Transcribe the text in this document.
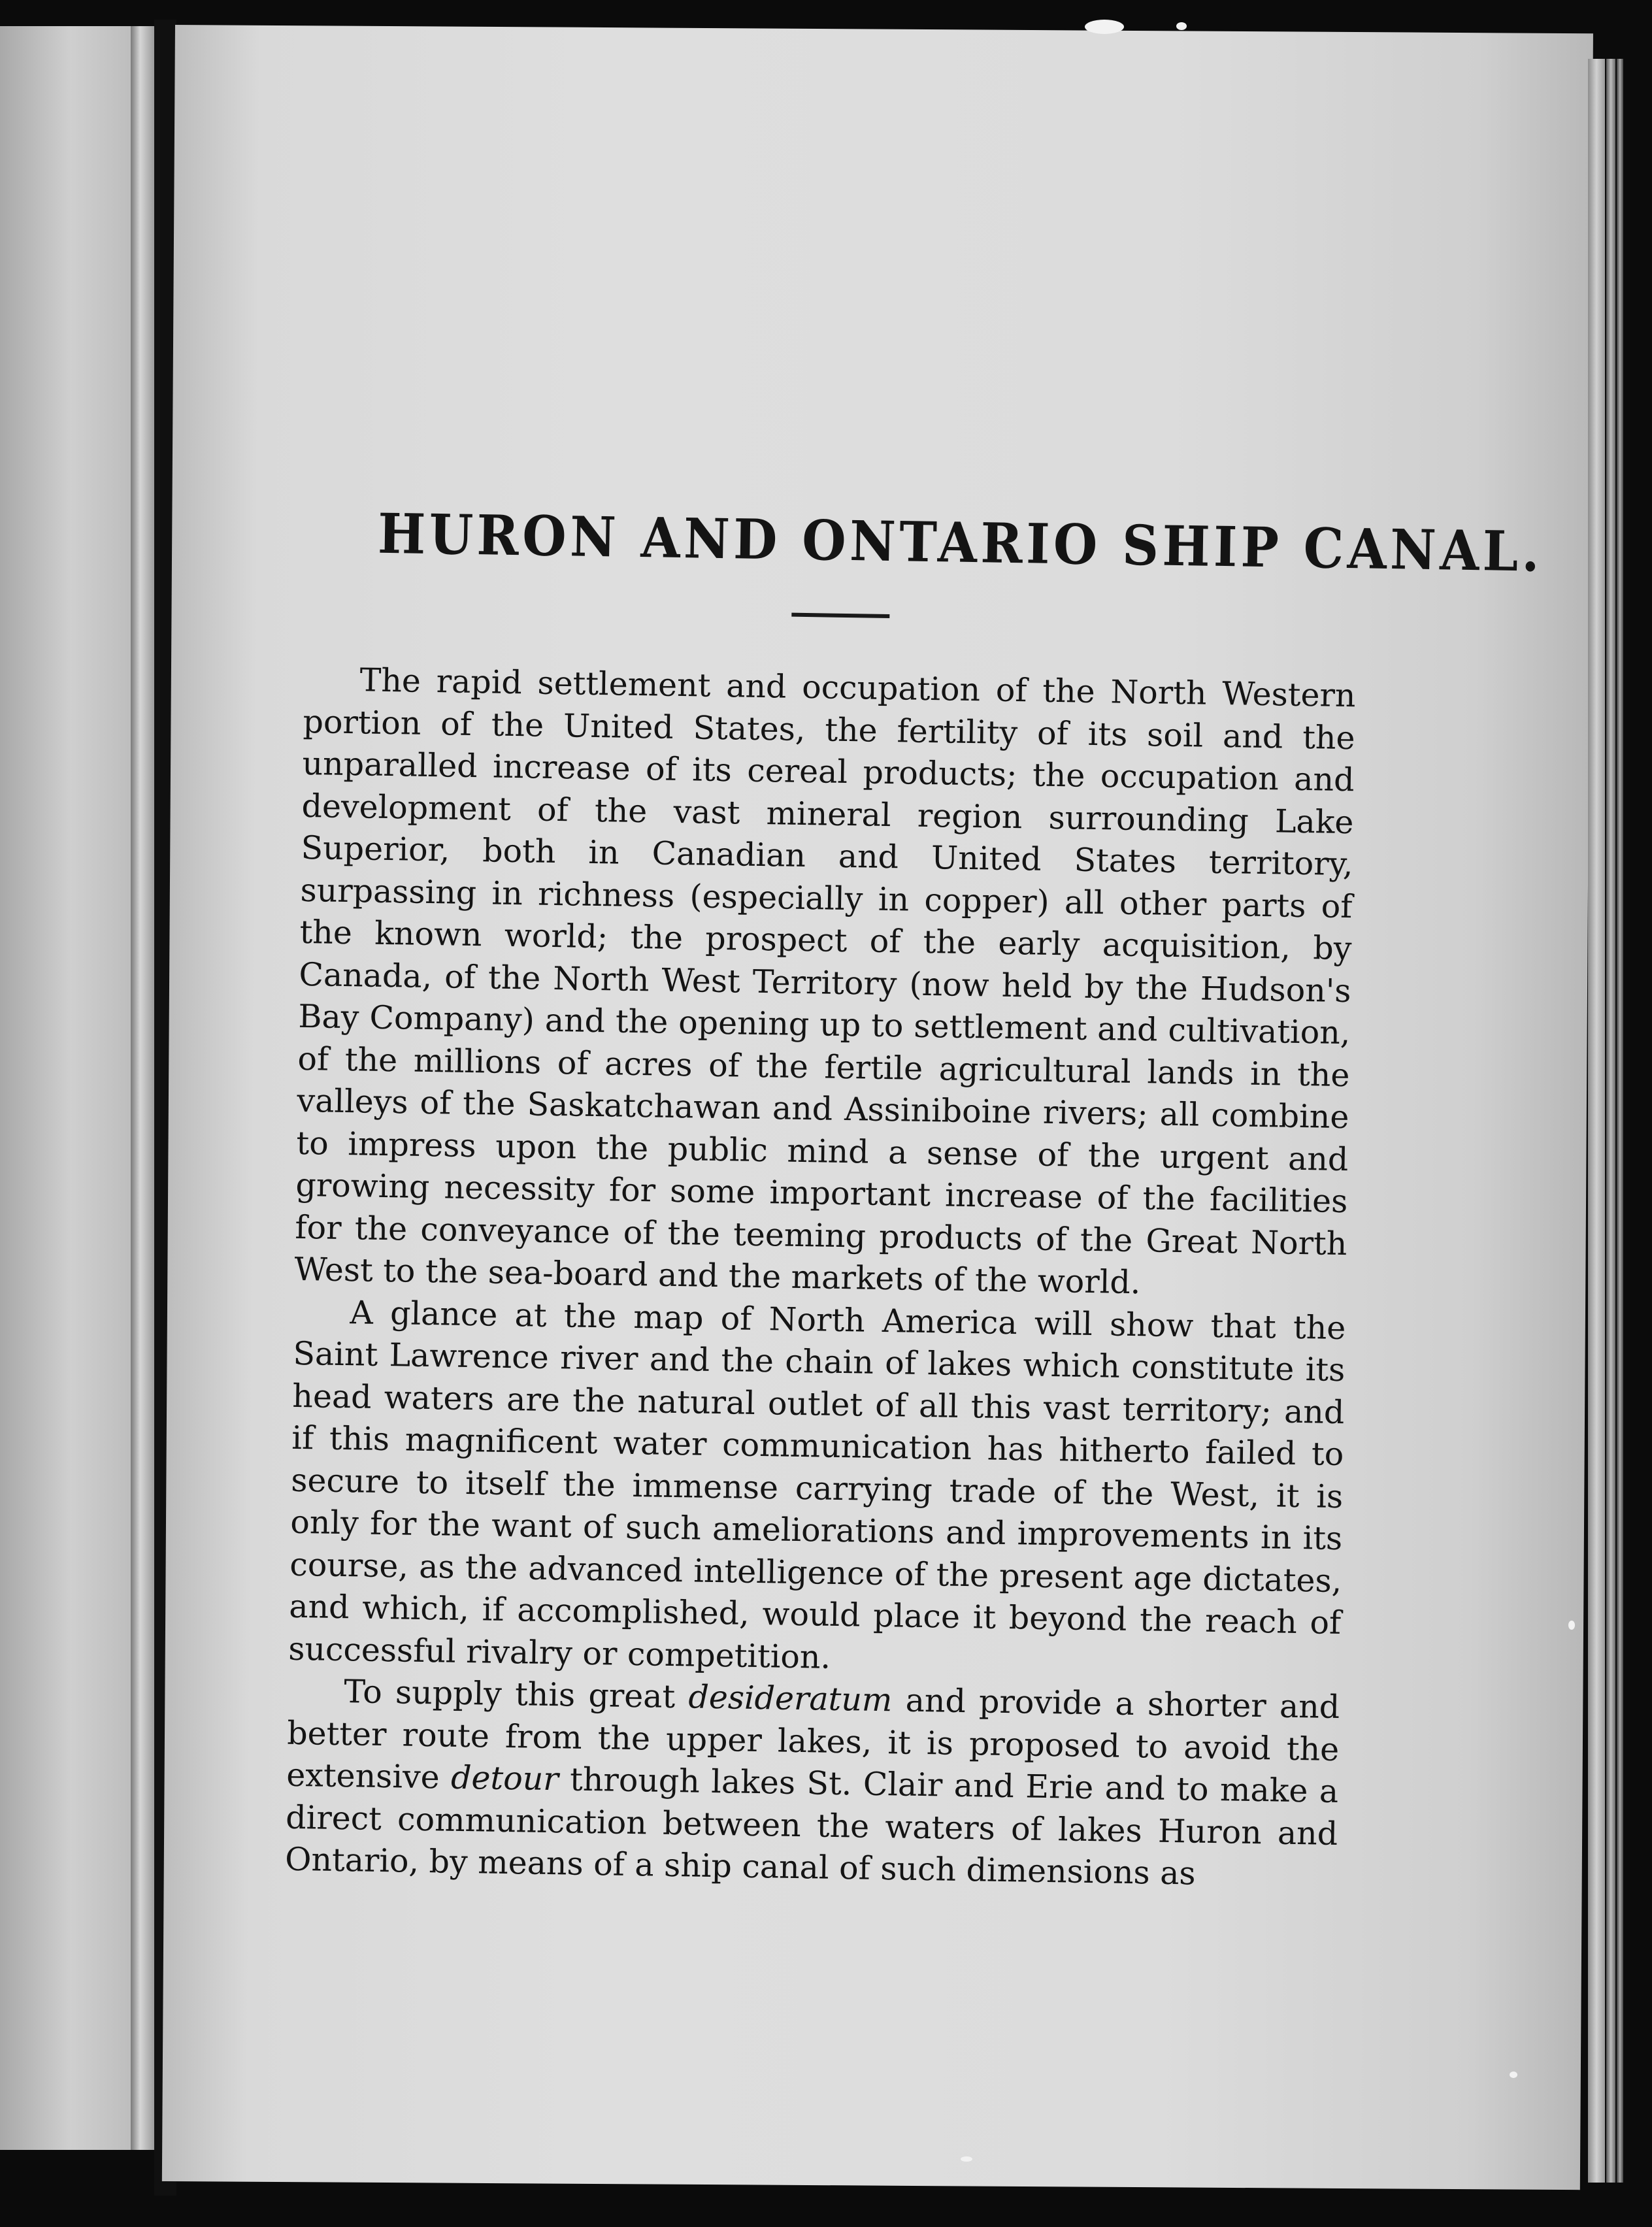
HURON AND ONTARIO SHIP CANAL.

The rapid settlement and occupation of the North Western portion of the United States, the fertility of its soil and the unparalled increase of its cereal products; the occupation and development of the vast mineral region surrounding Lake Superior, both in Canadian and United States territory, surpassing in richness (especially in copper) all other parts of the known world; the prospect of the early acquisition, by Canada, of the North West Territory (now held by the Hudson's Bay Company) and the opening up to settlement and cultivation, of the millions of acres of the fertile agricultural lands in the valleys of the Saskatchawan and Assiniboine rivers; all combine to impress upon the public mind a sense of the urgent and growing necessity for some important increase of the facilities for the conveyance of the teeming products of the Great North West to the sea-board and the markets of the world.

A glance at the map of North America will show that the Saint Lawrence river and the chain of lakes which constitute its head waters are the natural outlet of all this vast territory; and if this magnificent water communication has hitherto failed to secure to itself the immense carrying trade of the West, it is only for the want of such ameliorations and improvements in its course, as the advanced intelligence of the present age dictates, and which, if accomplished, would place it beyond the reach of successful rivalry or competition.

To supply this great desideratum and provide a shorter and better route from the upper lakes, it is proposed to avoid the extensive detour through lakes St. Clair and Erie and to make a direct communication between the waters of lakes Huron and Ontario, by means of a ship canal of such dimensions as
